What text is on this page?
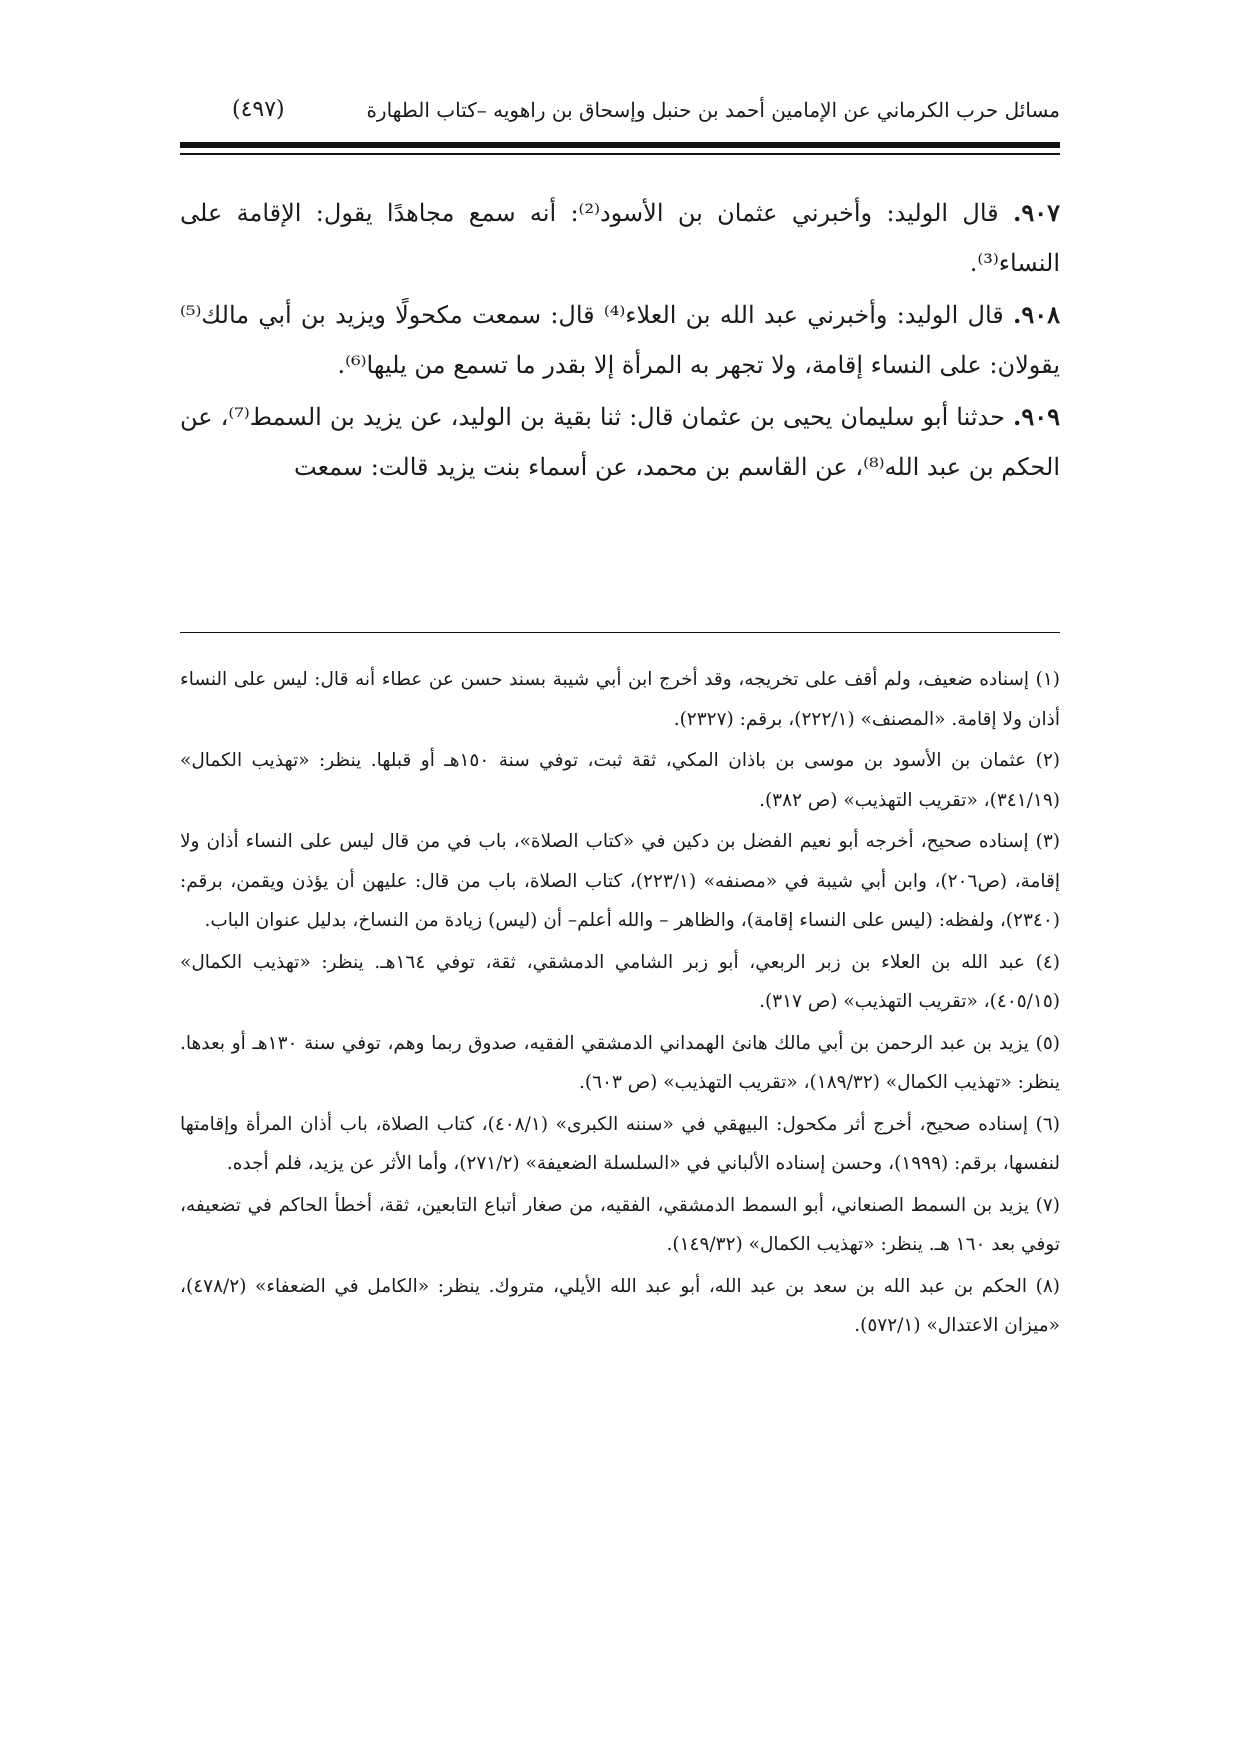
مسائل حرب الكرماني عن الإمامين أحمد بن حنبل وإسحاق بن راهويه –كتاب الطهارة
(٤٩٧)

٩٠٧. قال الوليد: وأخبرني عثمان بن الأسود⁽²⁾: أنه سمع مجاهدًا يقول: الإقامة على النساء⁽³⁾.

٩٠٨. قال الوليد: وأخبرني عبد الله بن العلاء⁽⁴⁾ قال: سمعت مكحولًا ويزيد بن أبي مالك⁽⁵⁾ يقولان: على النساء إقامة، ولا تجهر به المرأة إلا بقدر ما تسمع من يليها⁽⁶⁾.

٩٠٩. حدثنا أبو سليمان يحيى بن عثمان قال: ثنا بقية بن الوليد، عن يزيد بن السمط⁽⁷⁾، عن الحكم بن عبد الله⁽⁸⁾، عن القاسم بن محمد، عن أسماء بنت يزيد قالت: سمعت

(١) إسناده ضعيف، ولم أقف على تخريجه، وقد أخرج ابن أبي شيبة بسند حسن عن عطاء أنه قال: ليس على النساء أذان ولا إقامة. «المصنف» (٢٢٢/١)، برقم: (٢٣٢٧).

(٢) عثمان بن الأسود بن موسى بن باذان المكي، ثقة ثبت، توفي سنة ١٥٠هـ أو قبلها. ينظر: «تهذيب الكمال» (٣٤١/١٩)، «تقريب التهذيب» (ص ٣٨٢).

(٣) إسناده صحيح، أخرجه أبو نعيم الفضل بن دكين في «كتاب الصلاة»، باب في من قال ليس على النساء أذان ولا إقامة، (ص٢٠٦)، وابن أبي شيبة في «مصنفه» (٢٢٣/١)، كتاب الصلاة، باب من قال: عليهن أن يؤذن ويقمن، برقم: (٢٣٤٠)، ولفظه: (ليس على النساء إقامة)، والظاهر – والله أعلم– أن (ليس) زيادة من النساخ، بدليل عنوان الباب.

(٤) عبد الله بن العلاء بن زبر الربعي، أبو زبر الشامي الدمشقي، ثقة، توفي ١٦٤هـ. ينظر: «تهذيب الكمال» (٤٠٥/١٥)، «تقريب التهذيب» (ص ٣١٧).

(٥) يزيد بن عبد الرحمن بن أبي مالك هانئ الهمداني الدمشقي الفقيه، صدوق ربما وهم، توفي سنة ١٣٠هـ أو بعدها. ينظر: «تهذيب الكمال» (١٨٩/٣٢)، «تقريب التهذيب» (ص ٦٠٣).

(٦) إسناده صحيح، أخرج أثر مكحول: البيهقي في «سننه الكبرى» (٤٠٨/١)، كتاب الصلاة، باب أذان المرأة وإقامتها لنفسها، برقم: (١٩٩٩)، وحسن إسناده الألباني في «السلسلة الضعيفة» (٢٧١/٢)، وأما الأثر عن يزيد، فلم أجده.

(٧) يزيد بن السمط الصنعاني، أبو السمط الدمشقي، الفقيه، من صغار أتباع التابعين، ثقة، أخطأ الحاكم في تضعيفه، توفي بعد ١٦٠ هـ. ينظر: «تهذيب الكمال» (١٤٩/٣٢).

(٨) الحكم بن عبد الله بن سعد بن عبد الله، أبو عبد الله الأيلي، متروك. ينظر: «الكامل في الضعفاء» (٤٧٨/٢)، «ميزان الاعتدال» (٥٧٢/١).
